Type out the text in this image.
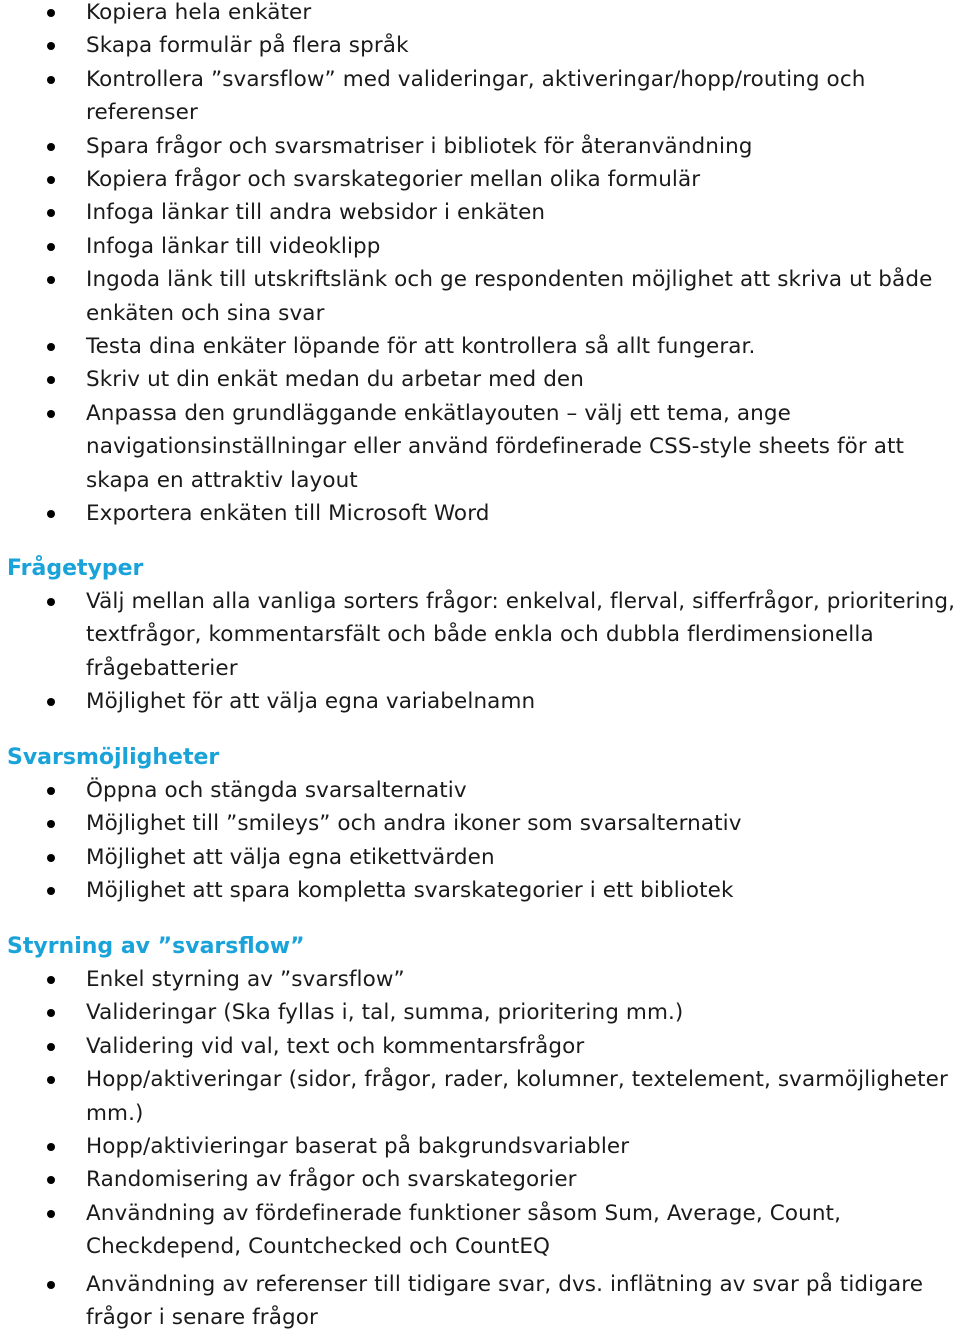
Kopiera hela enkäter
Skapa formulär på flera språk
Kontrollera ”svarsflow” med valideringar, aktiveringar/hopp/routing och referenser
Spara frågor och svarsmatriser i bibliotek för återanvändning
Kopiera frågor och svarskategorier mellan olika formulär
Infoga länkar till andra websidor i enkäten
Infoga länkar till videoklipp
Ingoda länk till utskriftslänk och ge respondenten möjlighet att skriva ut både enkäten och sina svar
Testa dina enkäter löpande för att kontrollera så allt fungerar.
Skriv ut din enkät medan du arbetar med den
Anpassa den grundläggande enkätlayouten – välj ett tema, ange navigationsinställningar eller använd fördefinerade CSS-style sheets för att skapa en attraktiv layout
Exportera enkäten till Microsoft Word
Frågetyper
Välj mellan alla vanliga sorters frågor: enkelval, flerval, sifferfrågor, prioritering, textfrågor, kommentarsfält och både enkla och dubbla flerdimensionella frågebatterier
Möjlighet för att välja egna variabelnamn
Svarsmöjligheter
Öppna och stängda svarsalternativ
Möjlighet till ”smileys” och andra ikoner som svarsalternativ
Möjlighet att välja egna etikettvärden
Möjlighet att spara kompletta svarskategorier i ett bibliotek
Styrning av ”svarsflow”
Enkel styrning av ”svarsflow”
Valideringar (Ska fyllas i, tal, summa, prioritering mm.)
Validering vid val, text och kommentarsfrågor
Hopp/aktiveringar (sidor, frågor, rader, kolumner, textelement, svarmöjligheter mm.)
Hopp/aktivieringar baserat på bakgrundsvariabler
Randomisering av frågor och svarskategorier
Användning av fördefinerade funktioner såsom Sum, Average, Count, Checkdepend, Countchecked och CountEQ
Användning av referenser till tidigare svar, dvs. inflätning av svar på tidigare frågor i senare frågor
